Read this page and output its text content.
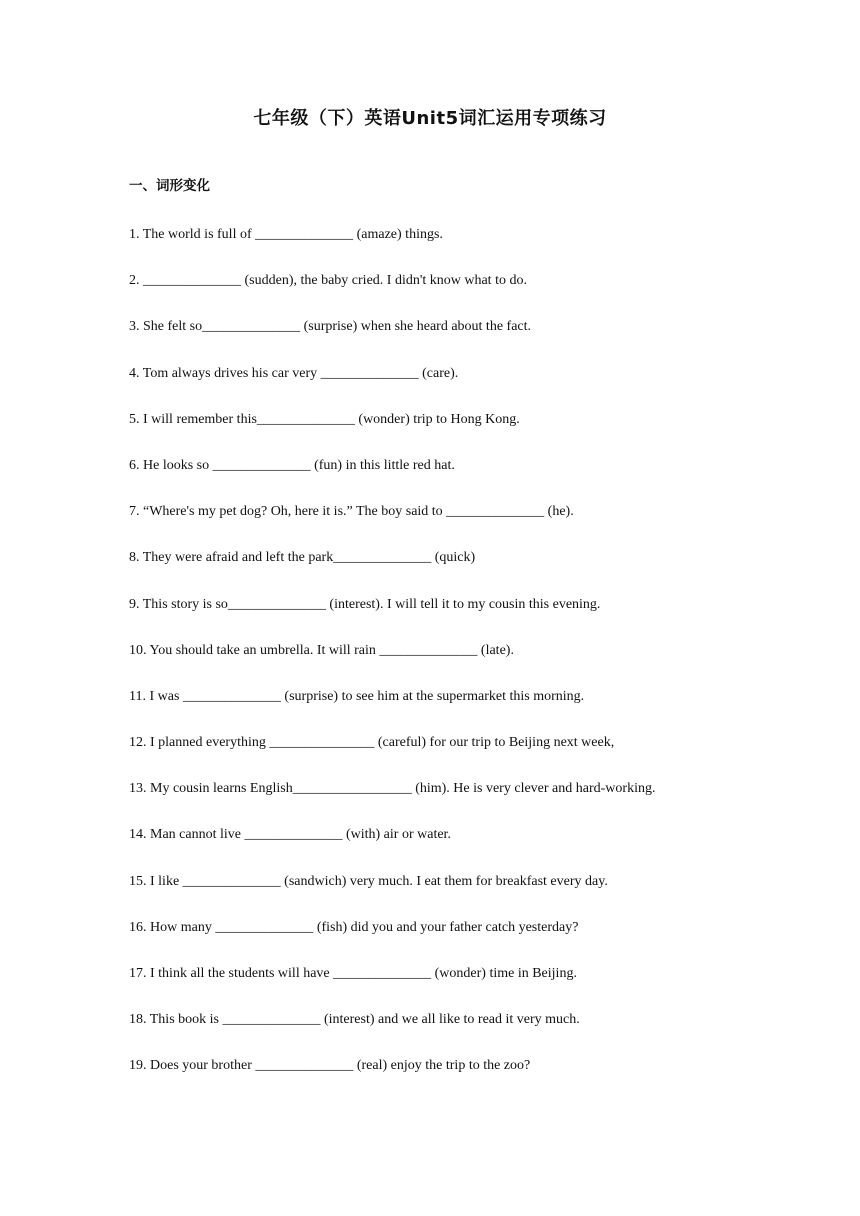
七年级（下）英语Unit5词汇运用专项练习
一、词形变化
1. The world is full of ______________ (amaze) things.
2. ______________ (sudden), the baby cried. I didn't know what to do.
3. She felt so______________ (surprise) when she heard about the fact.
4. Tom always drives his car very ______________ (care).
5. I will remember this______________ (wonder) trip to Hong Kong.
6. He looks so ______________ (fun) in this little red hat.
7. “Where's my pet dog? Oh, here it is.” The boy said to ______________ (he).
8. They were afraid and left the park______________ (quick)
9. This story is so______________ (interest). I will tell it to my cousin this evening.
10. You should take an umbrella. It will rain ______________ (late).
11. I was ______________ (surprise) to see him at the supermarket this morning.
12. I planned everything _______________ (careful) for our trip to Beijing next week,
13. My cousin learns English_________________ (him). He is very clever and hard-working.
14. Man cannot live ______________ (with) air or water.
15. I like ______________ (sandwich) very much. I eat them for breakfast every day.
16. How many ______________ (fish) did you and your father catch yesterday?
17. I think all the students will have ______________ (wonder) time in Beijing.
18. This book is ______________ (interest) and we all like to read it very much.
19. Does your brother ______________ (real) enjoy the trip to the zoo?
